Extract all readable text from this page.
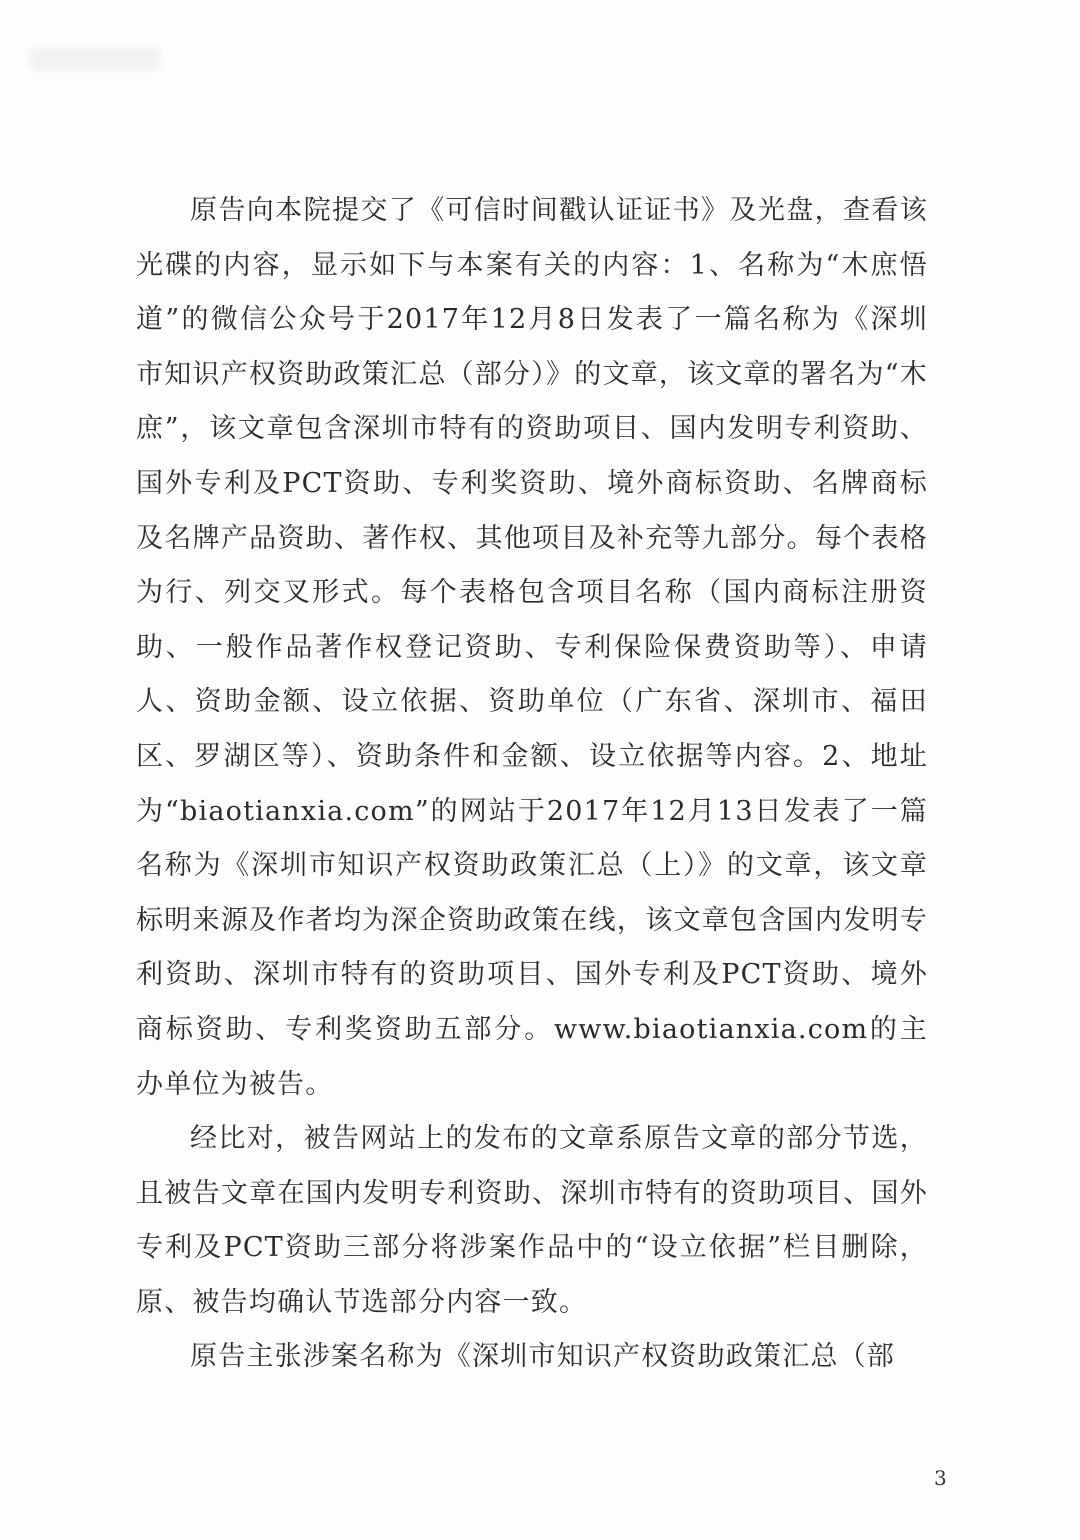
原告向本院提交了《可信时间戳认证证书》及光盘，查看该光碟的内容，显示如下与本案有关的内容：1、名称为“木庶悟道”的微信公众号于2017年12月8日发表了一篇名称为《深圳市知识产权资助政策汇总（部分）》的文章，该文章的署名为“木庶”，该文章包含深圳市特有的资助项目、国内发明专利资助、国外专利及PCT资助、专利奖资助、境外商标资助、名牌商标及名牌产品资助、著作权、其他项目及补充等九部分。每个表格为行、列交叉形式。每个表格包含项目名称（国内商标注册资助、一般作品著作权登记资助、专利保险保费资助等）、申请人、资助金额、设立依据、资助单位（广东省、深圳市、福田区、罗湖区等）、资助条件和金额、设立依据等内容。2、地址为“biaotianxia.com”的网站于2017年12月13日发表了一篇名称为《深圳市知识产权资助政策汇总（上）》的文章，该文章标明来源及作者均为深企资助政策在线，该文章包含国内发明专利资助、深圳市特有的资助项目、国外专利及PCT资助、境外商标资助、专利奖资助五部分。www.biaotianxia.com的主办单位为被告。

经比对，被告网站上的发布的文章系原告文章的部分节选，且被告文章在国内发明专利资助、深圳市特有的资助项目、国外专利及PCT资助三部分将涉案作品中的“设立依据”栏目删除，原、被告均确认节选部分内容一致。

原告主张涉案名称为《深圳市知识产权资助政策汇总（部

3
